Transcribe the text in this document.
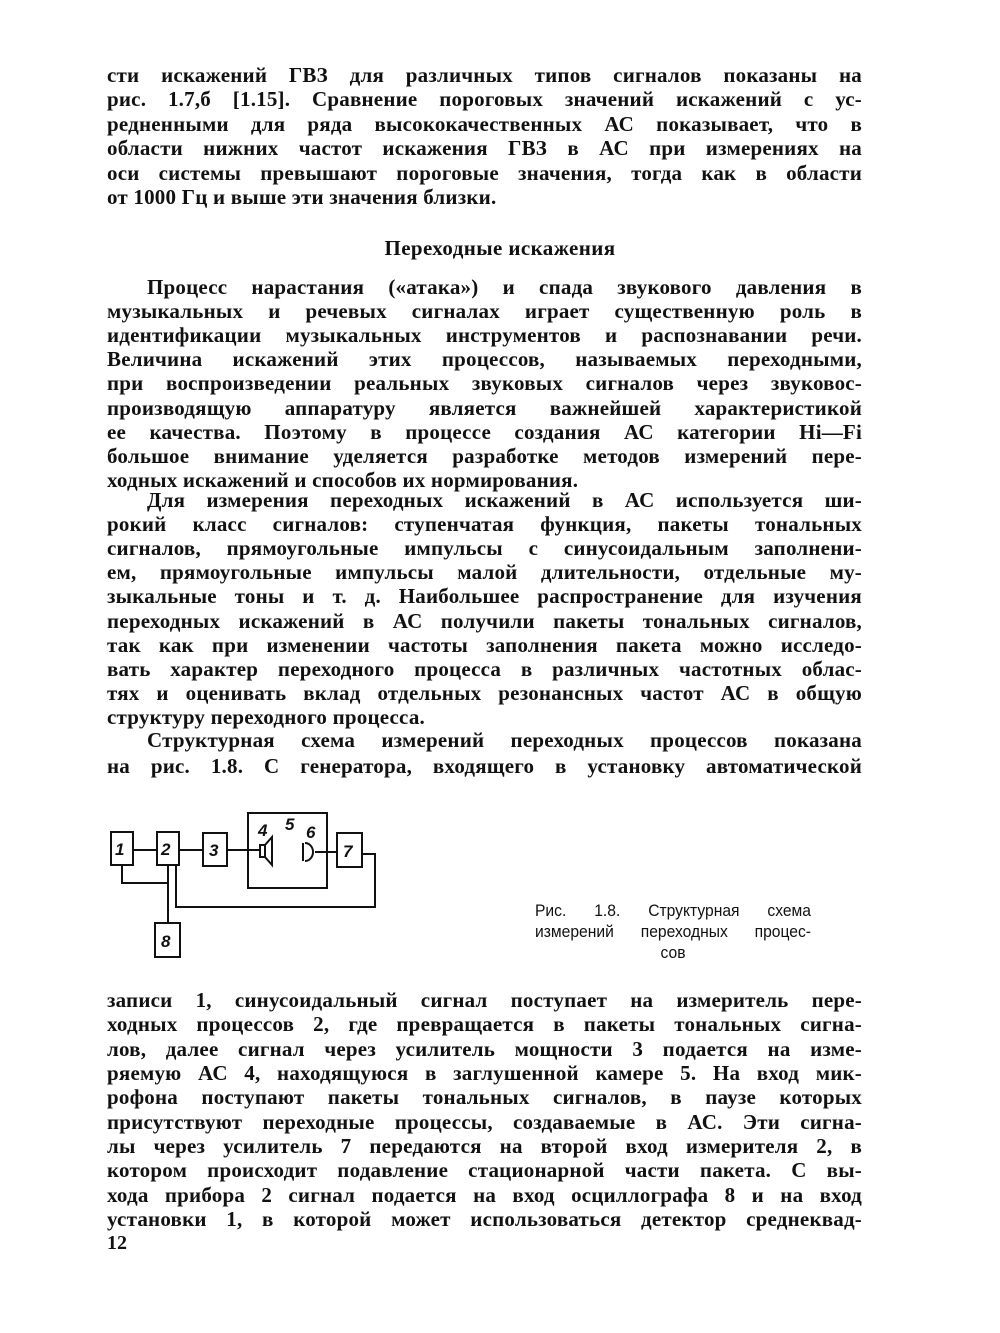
сти искажений ГВЗ для различных типов сигналов показаны на
рис. 1.7,б [1.15]. Сравнение пороговых значений искажений с ус-
редненными для ряда высококачественных АС показывает, что в
области нижних частот искажения ГВЗ в АС при измерениях на
оси системы превышают пороговые значения, тогда как в области
от 1000 Гц и выше эти значения близки.
Процесс нарастания («атака») и спада звукового давления в
музыкальных и речевых сигналах играет существенную роль в
идентификации музыкальных инструментов и распознавании речи.
Величина искажений этих процессов, называемых переходными,
при воспроизведении реальных звуковых сигналов через звуковос-
производящую аппаратуру является важнейшей характеристикой
ее качества. Поэтому в процессе создания АС категории Hi—Fi
большое внимание уделяется разработке методов измерений пере-
ходных искажений и способов их нормирования.
Для измерения переходных искажений в АС используется ши-
рокий класс сигналов: ступенчатая функция, пакеты тональных
сигналов, прямоугольные импульсы с синусоидальным заполнени-
ем, прямоугольные импульсы малой длительности, отдельные му-
зыкальные тоны и т. д. Наибольшее распространение для изучения
переходных искажений в АС получили пакеты тональных сигналов,
так как при изменении частоты заполнения пакета можно исследо-
вать характер переходного процесса в различных частотных облас-
тях и оценивать вклад отдельных резонансных частот АС в общую
структуру переходного процесса.
Структурная схема измерений переходных процессов показана
на рис. 1.8. С генератора, входящего в установку автоматической
записи 1, синусоидальный сигнал поступает на измеритель пере-
ходных процессов 2, где превращается в пакеты тональных сигна-
лов, далее сигнал через усилитель мощности 3 подается на изме-
ряемую АС 4, находящуюся в заглушенной камере 5. На вход мик-
рофона поступают пакеты тональных сигналов, в паузе которых
присутствуют переходные процессы, создаваемые в АС. Эти сигна-
лы через усилитель 7 передаются на второй вход измерителя 2, в
котором происходит подавление стационарной части пакета. С вы-
хода прибора 2 сигнал подается на вход осциллографа 8 и на вход
установки 1, в которой может использоваться детектор среднеквад-
Переходные искажения
1 2 3
4 5 6
7
8
Рис. 1.8. Структурная схема
измерений переходных процес-
сов
12
